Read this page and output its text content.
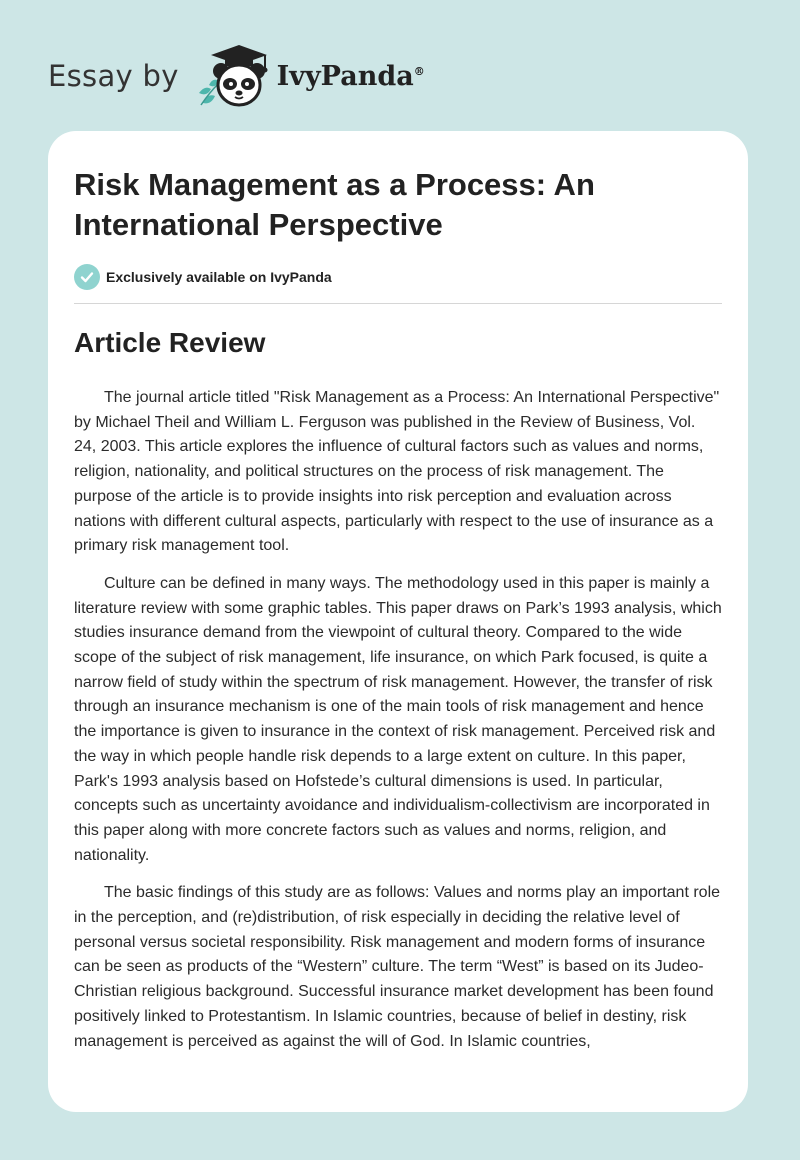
Essay by	IvyPanda®
Risk Management as a Process: An International Perspective
Exclusively available on IvyPanda
Article Review

The journal article titled "Risk Management as a Process: An International Perspective" by Michael Theil and William L. Ferguson was published in the Review of Business, Vol. 24, 2003. This article explores the influence of cultural factors such as values and norms, religion, nationality, and political structures on the process of risk management. The purpose of the article is to provide insights into risk perception and evaluation across nations with different cultural aspects, particularly with respect to the use of insurance as a primary risk management tool.

Culture can be defined in many ways. The methodology used in this paper is mainly a literature review with some graphic tables. This paper draws on Park’s 1993 analysis, which studies insurance demand from the viewpoint of cultural theory. Compared to the wide scope of the subject of risk management, life insurance, on which Park focused, is quite a narrow field of study within the spectrum of risk management. However, the transfer of risk through an insurance mechanism is one of the main tools of risk management and hence the importance is given to insurance in the context of risk management. Perceived risk and the way in which people handle risk depends to a large extent on culture. In this paper, Park's 1993 analysis based on Hofstede’s cultural dimensions is used. In particular, concepts such as uncertainty avoidance and individualism-collectivism are incorporated in this paper along with more concrete factors such as values and norms, religion, and nationality.

The basic findings of this study are as follows: Values and norms play an important role in the perception, and (re)distribution, of risk especially in deciding the relative level of personal versus societal responsibility. Risk management and modern forms of insurance can be seen as products of the “Western” culture. The term “West” is based on its Judeo-Christian religious background. Successful insurance market development has been found positively linked to Protestantism. In Islamic countries, because of belief in destiny, risk management is perceived as against the will of God. In Islamic countries,
